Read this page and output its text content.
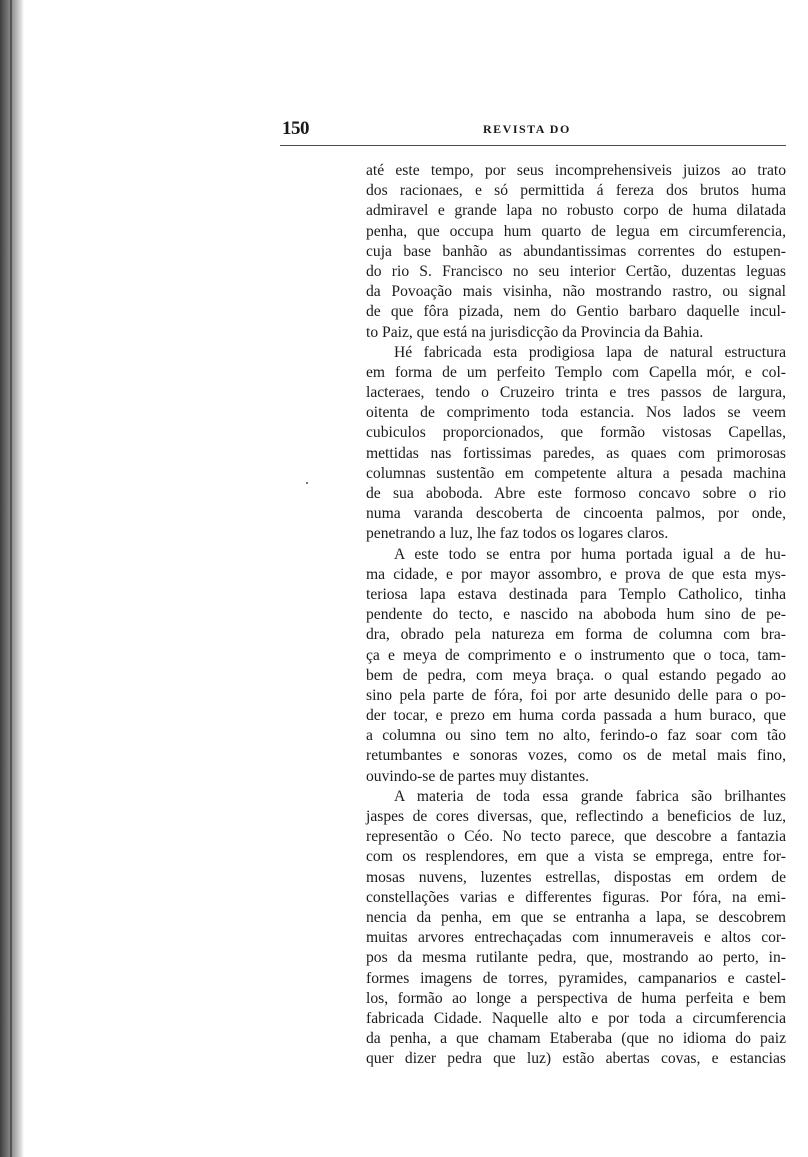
150	REVISTA DO
até este tempo, por seus incomprehensiveis juizos ao trato
dos racionaes, e só permittida á fereza dos brutos huma
admiravel e grande lapa no robusto corpo de huma dilatada
penha, que occupa hum quarto de legua em circumferencia,
cuja base banhão as abundantissimas correntes do estupen-
do rio S. Francisco no seu interior Certão, duzentas leguas
da Povoação mais visinha, não mostrando rastro, ou signal
de que fôra pizada, nem do Gentio barbaro daquelle incul-
to Paiz, que está na jurisdicção da Provincia da Bahia.
Hé fabricada esta prodigiosa lapa de natural estructura
em forma de um perfeito Templo com Capella mór, e col-
lacteraes, tendo o Cruzeiro trinta e tres passos de largura,
oitenta de comprimento toda estancia. Nos lados se veem
cubiculos proporcionados, que formão vistosas Capellas,
mettidas nas fortissimas paredes, as quaes com primorosas
columnas sustentão em competente altura a pesada machina
de sua aboboda. Abre este formoso concavo sobre o rio
numa varanda descoberta de cincoenta palmos, por onde,
penetrando a luz, lhe faz todos os logares claros.
A este todo se entra por huma portada igual a de hu-
ma cidade, e por mayor assombro, e prova de que esta mys-
teriosa lapa estava destinada para Templo Catholico, tinha
pendente do tecto, e nascido na aboboda hum sino de pe-
dra, obrado pela natureza em forma de columna com bra-
ça e meya de comprimento e o instrumento que o toca, tam-
bem de pedra, com meya braça. o qual estando pegado ao
sino pela parte de fóra, foi por arte desunido delle para o po-
der tocar, e prezo em huma corda passada a hum buraco, que
a columna ou sino tem no alto, ferindo-o faz soar com tão
retumbantes e sonoras vozes, como os de metal mais fino,
ouvindo-se de partes muy distantes.
A materia de toda essa grande fabrica são brilhantes
jaspes de cores diversas, que, reflectindo a beneficios de luz,
representão o Céo. No tecto parece, que descobre a fantazia
com os resplendores, em que a vista se emprega, entre for-
mosas nuvens, luzentes estrellas, dispostas em ordem de
constellações varias e differentes figuras. Por fóra, na emi-
nencia da penha, em que se entranha a lapa, se descobrem
muitas arvores entrechaçadas com innumeraveis e altos cor-
pos da mesma rutilante pedra, que, mostrando ao perto, in-
formes imagens de torres, pyramides, campanarios e castel-
los, formão ao longe a perspectiva de huma perfeita e bem
fabricada Cidade. Naquelle alto e por toda a circumferencia
da penha, a que chamam Etaberaba (que no idioma do paiz
quer dizer pedra que luz) estão abertas covas, e estancias
